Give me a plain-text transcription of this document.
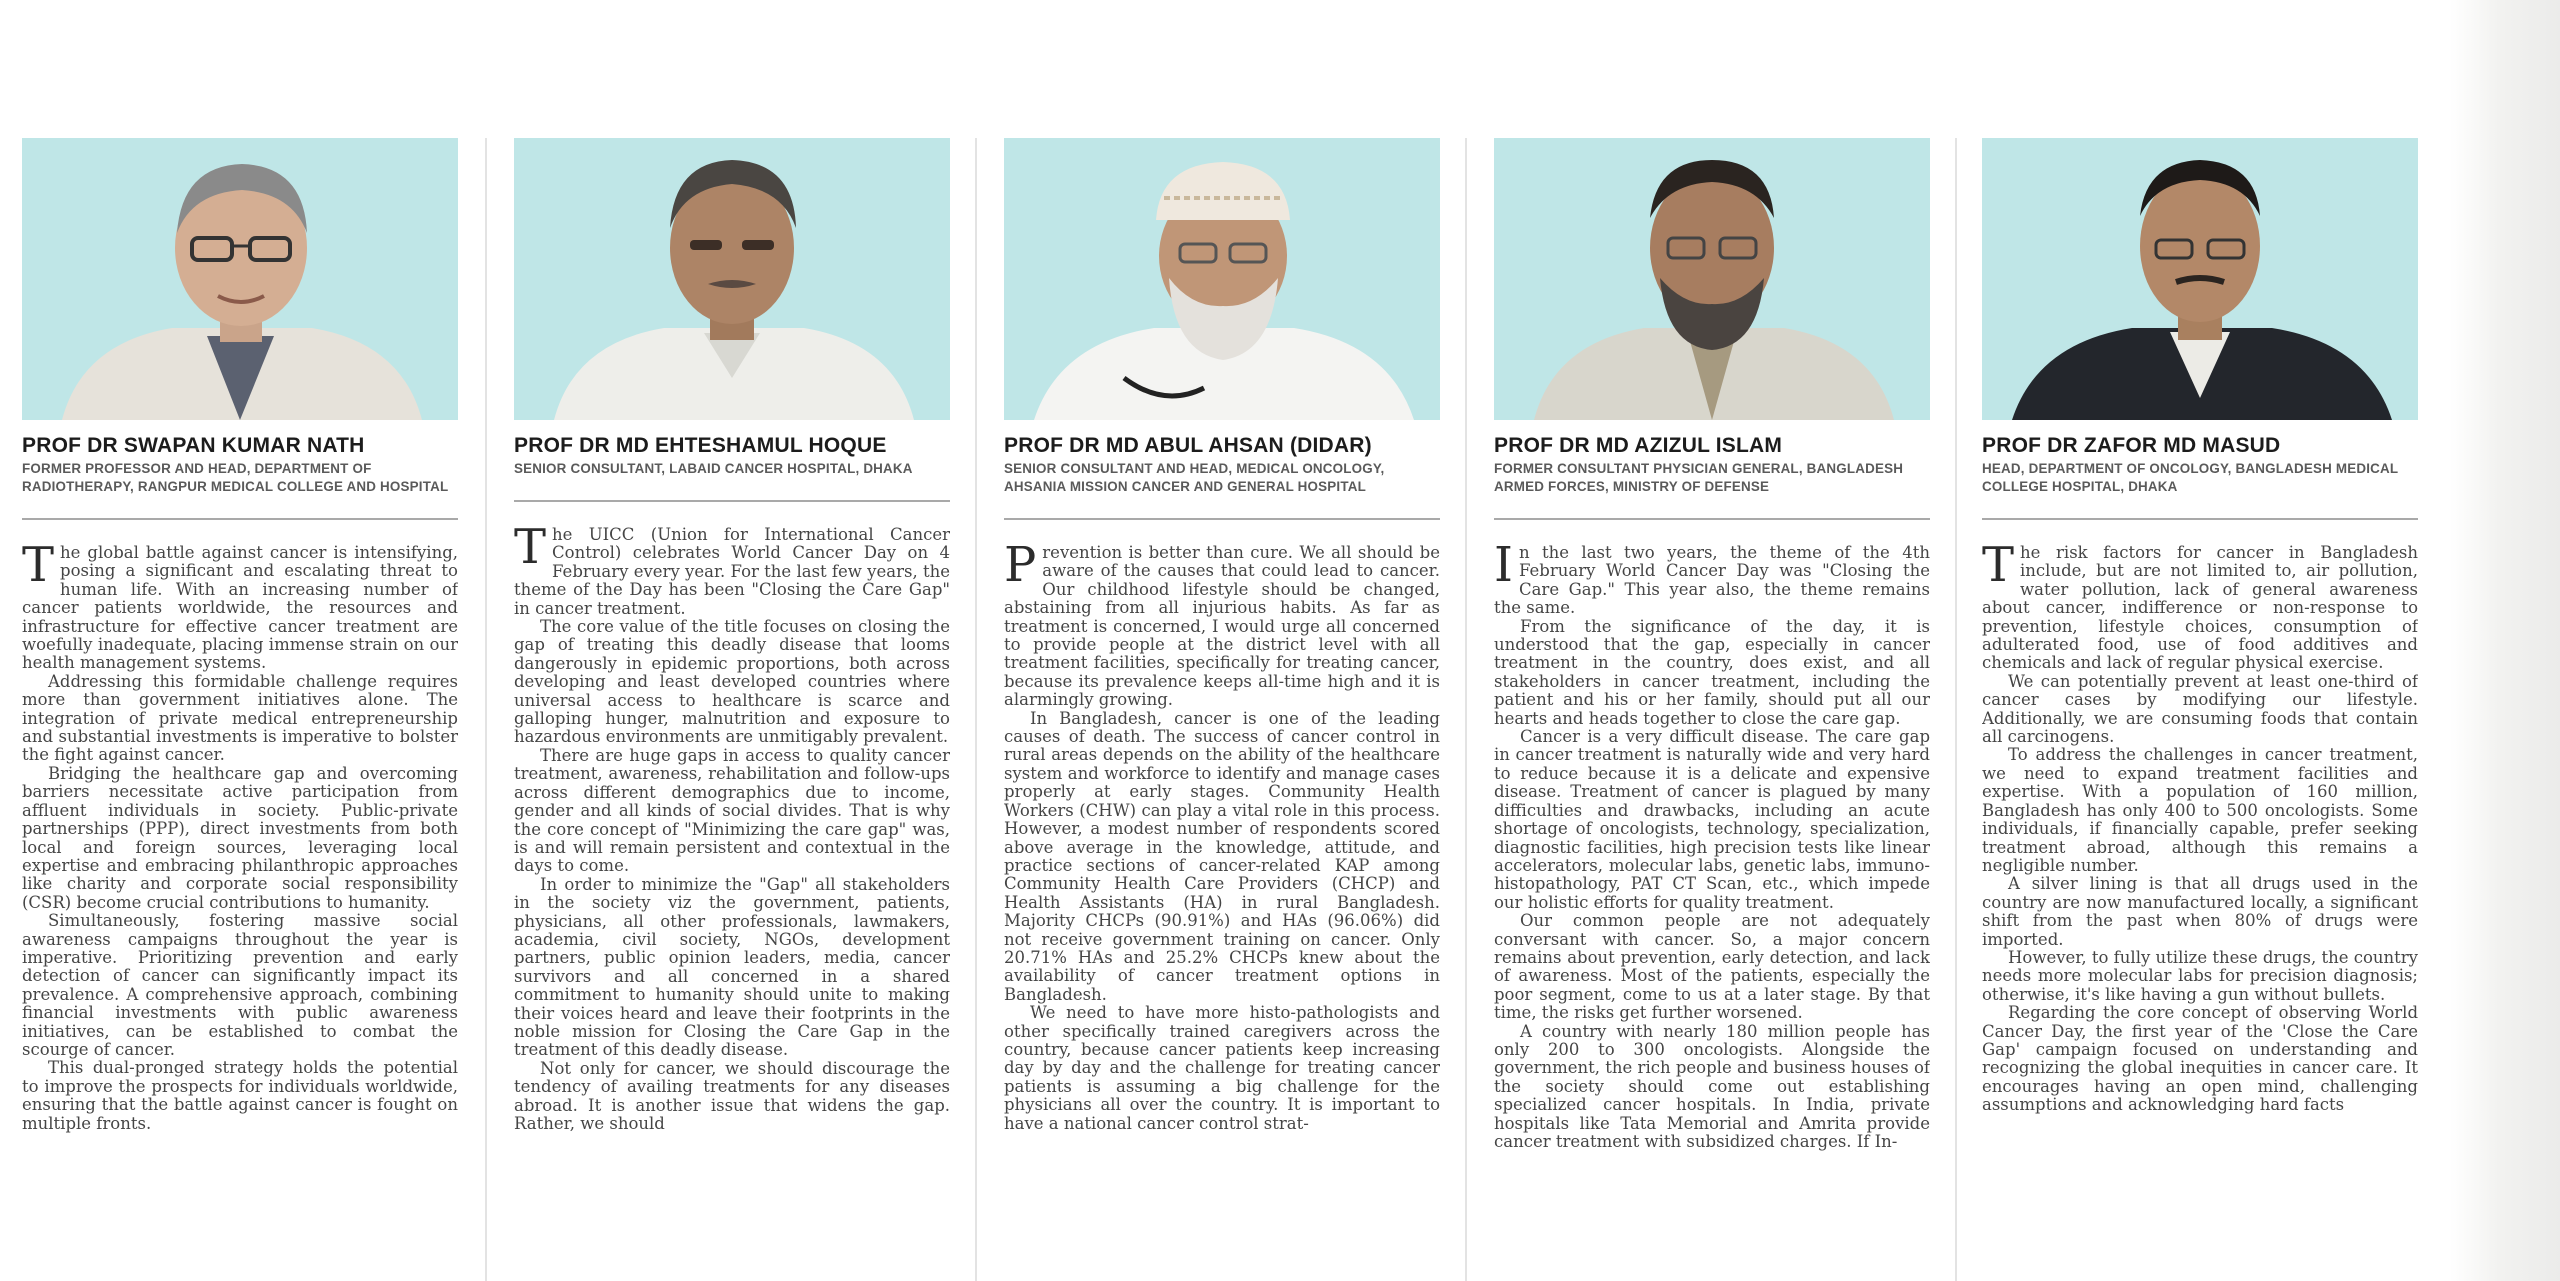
PROF DR SWAPAN KUMAR NATH
FORMER PROFESSOR AND HEAD, DEPARTMENT OF RADIOTHERAPY, RANGPUR MEDICAL COLLEGE AND HOSPITAL

The global battle against cancer is intensifying, posing a significant and escalating threat to human life. With an increasing number of cancer patients worldwide, the resources and infrastructure for effective cancer treatment are woefully inadequate, placing immense strain on our health management systems.

Addressing this formidable challenge requires more than government initiatives alone. The integration of private medical entrepreneurship and substantial investments is imperative to bolster the fight against cancer.

Bridging the healthcare gap and overcoming barriers necessitate active participation from affluent individuals in society. Public-private partnerships (PPP), direct investments from both local and foreign sources, leveraging local expertise and embracing philanthropic approaches like charity and corporate social responsibility (CSR) become crucial contributions to humanity.

Simultaneously, fostering massive social awareness campaigns throughout the year is imperative. Prioritizing prevention and early detection of cancer can significantly impact its prevalence. A comprehensive approach, combining financial investments with public awareness initiatives, can be established to combat the scourge of cancer.

This dual-pronged strategy holds the potential to improve the prospects for individuals worldwide, ensuring that the battle against cancer is fought on multiple fronts.

PROF DR MD EHTESHAMUL HOQUE
SENIOR CONSULTANT, LABAID CANCER HOSPITAL, DHAKA

The UICC (Union for International Cancer Control) celebrates World Cancer Day on 4 February every year. For the last few years, the theme of the Day has been "Closing the Care Gap" in cancer treatment.

The core value of the title focuses on closing the gap of treating this deadly disease that looms dangerously in epidemic proportions, both across developing and least developed countries where universal access to healthcare is scarce and galloping hunger, malnutrition and exposure to hazardous environments are unmitigably prevalent.

There are huge gaps in access to quality cancer treatment, awareness, rehabilitation and follow-ups across different demographics due to income, gender and all kinds of social divides. That is why the core concept of "Minimizing the care gap" was, is and will remain persistent and contextual in the days to come.

In order to minimize the "Gap" all stakeholders in the society viz the government, patients, physicians, all other professionals, lawmakers, academia, civil society, NGOs, development partners, public opinion leaders, media, cancer survivors and all concerned in a shared commitment to humanity should unite to making their voices heard and leave their footprints in the noble mission for Closing the Care Gap in the treatment of this deadly disease.

Not only for cancer, we should discourage the tendency of availing treatments for any diseases abroad. It is another issue that widens the gap. Rather, we should

PROF DR MD ABUL AHSAN (DIDAR)
SENIOR CONSULTANT AND HEAD, MEDICAL ONCOLOGY, AHSANIA MISSION CANCER AND GENERAL HOSPITAL

Prevention is better than cure. We all should be aware of the causes that could lead to cancer. Our childhood lifestyle should be changed, abstaining from all injurious habits. As far as treatment is concerned, I would urge all concerned to provide people at the district level with all treatment facilities, specifically for treating cancer, because its prevalence keeps all-time high and it is alarmingly growing.

In Bangladesh, cancer is one of the leading causes of death. The success of cancer control in rural areas depends on the ability of the healthcare system and workforce to identify and manage cases properly at early stages. Community Health Workers (CHW) can play a vital role in this process. However, a modest number of respondents scored above average in the knowledge, attitude, and practice sections of cancer-related KAP among Community Health Care Providers (CHCP) and Health Assistants (HA) in rural Bangladesh. Majority CHCPs (90.91%) and HAs (96.06%) did not receive government training on cancer. Only 20.71% HAs and 25.2% CHCPs knew about the availability of cancer treatment options in Bangladesh.

We need to have more histo-pathologists and other specifically trained caregivers across the country, because cancer patients keep increasing day by day and the challenge for treating cancer patients is assuming a big challenge for the physicians all over the country. It is important to have a national cancer control strat-

PROF DR MD AZIZUL ISLAM
FORMER CONSULTANT PHYSICIAN GENERAL, BANGLADESH ARMED FORCES, MINISTRY OF DEFENSE

In the last two years, the theme of the 4th February World Cancer Day was "Closing the Care Gap." This year also, the theme remains the same.

From the significance of the day, it is understood that the gap, especially in cancer treatment in the country, does exist, and all stakeholders in cancer treatment, including the patient and his or her family, should put all our hearts and heads together to close the care gap.

Cancer is a very difficult disease. The care gap in cancer treatment is naturally wide and very hard to reduce because it is a delicate and expensive disease. Treatment of cancer is plagued by many difficulties and drawbacks, including an acute shortage of oncologists, technology, specialization, diagnostic facilities, high precision tests like linear accelerators, molecular labs, genetic labs, immuno-histopathology, PAT CT Scan, etc., which impede our holistic efforts for quality treatment.

Our common people are not adequately conversant with cancer. So, a major concern remains about prevention, early detection, and lack of awareness. Most of the patients, especially the poor segment, come to us at a later stage. By that time, the risks get further worsened.

A country with nearly 180 million people has only 200 to 300 oncologists. Alongside the government, the rich people and business houses of the society should come out establishing specialized cancer hospitals. In India, private hospitals like Tata Memorial and Amrita provide cancer treatment with subsidized charges. If In-

PROF DR ZAFOR MD MASUD
HEAD, DEPARTMENT OF ONCOLOGY, BANGLADESH MEDICAL COLLEGE HOSPITAL, DHAKA

The risk factors for cancer in Bangladesh include, but are not limited to, air pollution, water pollution, lack of general awareness about cancer, indifference or non-response to prevention, lifestyle choices, consumption of adulterated food, use of food additives and chemicals and lack of regular physical exercise.

We can potentially prevent at least one-third of cancer cases by modifying our lifestyle. Additionally, we are consuming foods that contain all carcinogens.

To address the challenges in cancer treatment, we need to expand treatment facilities and expertise. With a population of 160 million, Bangladesh has only 400 to 500 oncologists. Some individuals, if financially capable, prefer seeking treatment abroad, although this remains a negligible number.

A silver lining is that all drugs used in the country are now manufactured locally, a significant shift from the past when 80% of drugs were imported.

However, to fully utilize these drugs, the country needs more molecular labs for precision diagnosis; otherwise, it's like having a gun without bullets.

Regarding the core concept of observing World Cancer Day, the first year of the 'Close the Care Gap' campaign focused on understanding and recognizing the global inequities in cancer care. It encourages having an open mind, challenging assumptions and acknowledging hard facts
